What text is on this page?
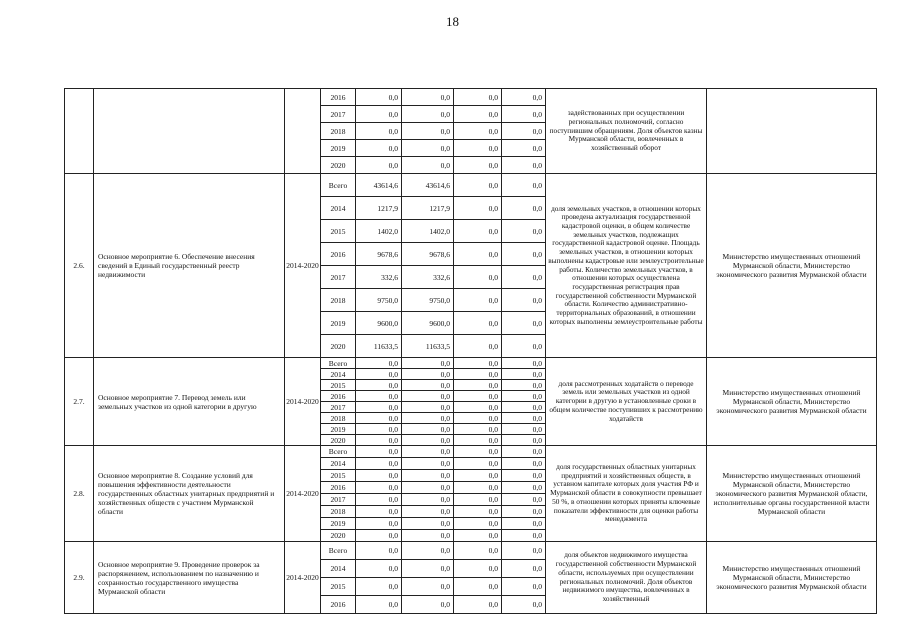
18
			2016	0,0	0,0	0,0	0,0	задействованных при осуществлении региональных полномочий, согласно поступившим обращениям. Доля объектов казны Мурманской области, вовлеченных в хозяйственный оборот	
			2017	0,0	0,0	0,0	0,0		
			2018	0,0	0,0	0,0	0,0		
			2019	0,0	0,0	0,0	0,0		
			2020	0,0	0,0	0,0	0,0		
2.6.	Основное мероприятие 6. Обеспечение внесения сведений в Единый государственный реестр недвижимости	2014-2020	Всего	43614,6	43614,6	0,0	0,0	доля земельных участков, в отношении которых проведена актуализация государственной кадастровой оценки, в общем количестве земельных участков, подлежащих государственной кадастровой оценке. Площадь земельных участков, в отношении которых выполнены кадастровые или землеустроительные работы. Количество земельных участков, в отношении которых осуществлена государственная регистрация прав государственной собственности Мурманской области. Количество административно-территориальных образований, в отношении которых выполнены землеустроительные работы	Министерство имущественных отношений Мурманской области, Министерство экономического развития Мурманской области
			2014	1217,9	1217,9	0,0	0,0		
			2015	1402,0	1402,0	0,0	0,0		
			2016	9678,6	9678,6	0,0	0,0		
			2017	332,6	332,6	0,0	0,0		
			2018	9750,0	9750,0	0,0	0,0		
			2019	9600,0	9600,0	0,0	0,0		
			2020	11633,5	11633,5	0,0	0,0		
2.7.	Основное мероприятие 7. Перевод земель или земельных участков из одной категории в другую	2014-2020	Всего	0,0	0,0	0,0	0,0	доля рассмотренных ходатайств о переводе земель или земельных участков из одной категории в другую в установленные сроки в общем количестве поступивших к рассмотрению ходатайств	Министерство имущественных отношений Мурманской области, Министерство экономического развития Мурманской области
			2014	0,0	0,0	0,0	0,0		
			2015	0,0	0,0	0,0	0,0		
			2016	0,0	0,0	0,0	0,0		
			2017	0,0	0,0	0,0	0,0		
			2018	0,0	0,0	0,0	0,0		
			2019	0,0	0,0	0,0	0,0		
			2020	0,0	0,0	0,0	0,0		
2.8.	Основное мероприятие 8. Создание условий для повышения эффективности деятельности государственных областных унитарных предприятий и хозяйственных обществ с участием Мурманской области	2014-2020	Всего	0,0	0,0	0,0	0,0	доля государственных областных унитарных предприятий и хозяйственных обществ, в уставном капитале которых доля участия РФ и Мурманской области в совокупности превышает 50 %, в отношении которых приняты ключевые показатели эффективности для оценки работы менеджмента	Министерство имущественных отношений Мурманской области, Министерство экономического развития Мурманской области, исполнительные органы государственной власти Мурманской области
			2014	0,0	0,0	0,0	0,0		
			2015	0,0	0,0	0,0	0,0		
			2016	0,0	0,0	0,0	0,0		
			2017	0,0	0,0	0,0	0,0		
			2018	0,0	0,0	0,0	0,0		
			2019	0,0	0,0	0,0	0,0		
			2020	0,0	0,0	0,0	0,0		
2.9.	Основное мероприятие 9. Проведение проверок за распоряжением, использованием по назначению и сохранностью государственного имущества Мурманской области	2014-2020	Всего	0,0	0,0	0,0	0,0	доля объектов недвижимого имущества государственной собственности Мурманской области, используемых при осуществлении региональных полномочий. Доля объектов недвижимого имущества, вовлеченных в хозяйственный	Министерство имущественных отношений Мурманской области, Министерство экономического развития Мурманской области
			2014	0,0	0,0	0,0	0,0		
			2015	0,0	0,0	0,0	0,0		
			2016	0,0	0,0	0,0	0,0		
